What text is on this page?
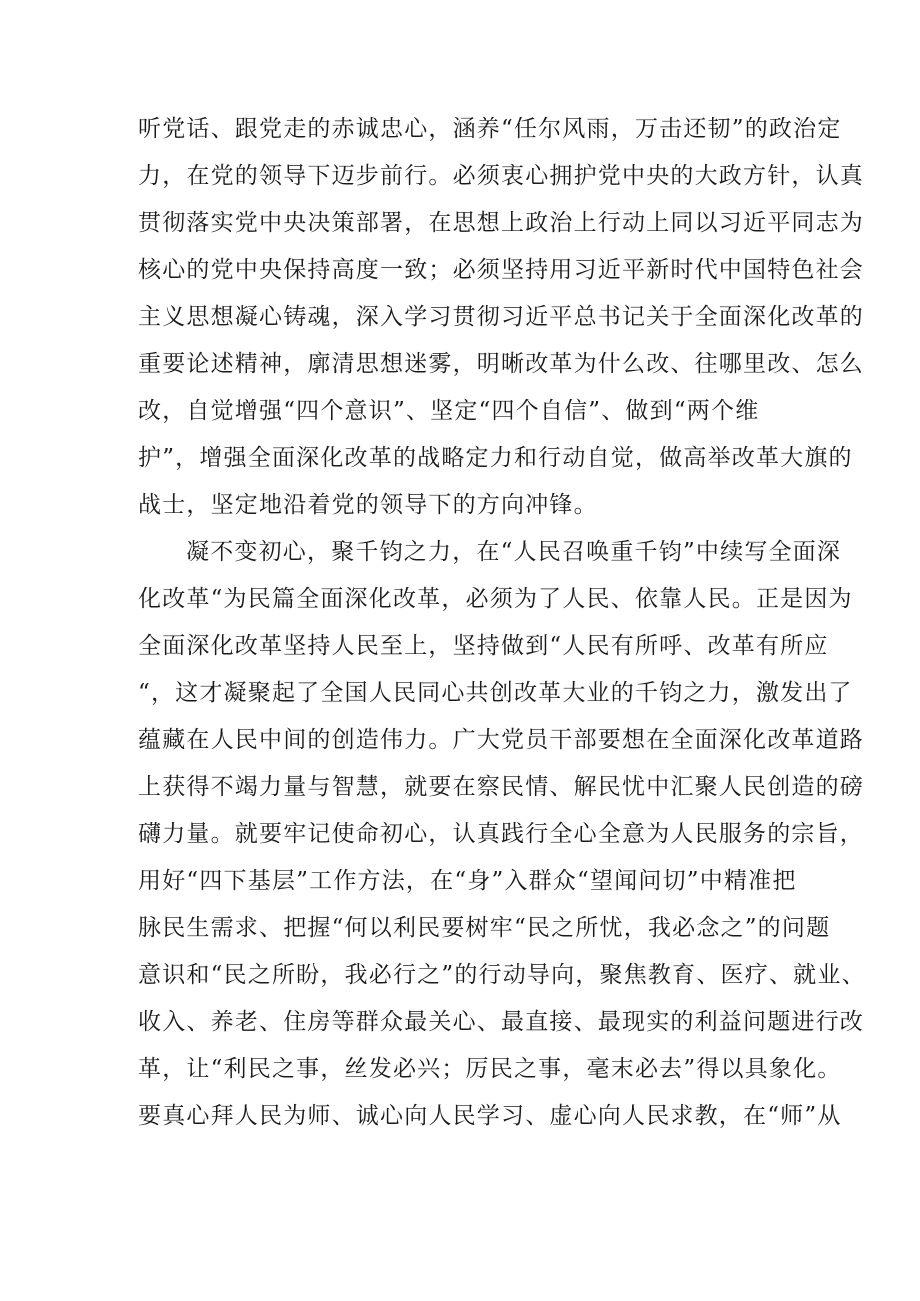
听党话、跟党走的赤诚忠心，涵养“任尔风雨，万击还韧”的政治定
力，在党的领导下迈步前行。必须衷心拥护党中央的大政方针，认真
贯彻落实党中央决策部署，在思想上政治上行动上同以习近平同志为
核心的党中央保持高度一致；必须坚持用习近平新时代中国特色社会
主义思想凝心铸魂，深入学习贯彻习近平总书记关于全面深化改革的
重要论述精神，廓清思想迷雾，明晰改革为什么改、往哪里改、怎么
改，自觉增强“四个意识”、坚定“四个自信”、做到“两个维
护”，增强全面深化改革的战略定力和行动自觉，做高举改革大旗的
战士，坚定地沿着党的领导下的方向冲锋。
凝不变初心，聚千钧之力，在“人民召唤重千钧”中续写全面深
化改革“为民篇全面深化改革，必须为了人民、依靠人民。正是因为
全面深化改革坚持人民至上，坚持做到“人民有所呼、改革有所应
“，这才凝聚起了全国人民同心共创改革大业的千钧之力，激发出了
蕴藏在人民中间的创造伟力。广大党员干部要想在全面深化改革道路
上获得不竭力量与智慧，就要在察民情、解民忧中汇聚人民创造的磅
礴力量。就要牢记使命初心，认真践行全心全意为人民服务的宗旨，
用好“四下基层”工作方法，在“身”入群众“望闻问切”中精准把
脉民生需求、把握“何以利民要树牢“民之所忧，我必念之”的问题
意识和“民之所盼，我必行之”的行动导向，聚焦教育、医疗、就业、
收入、养老、住房等群众最关心、最直接、最现实的利益问题进行改
革，让“利民之事，丝发必兴；厉民之事，毫末必去”得以具象化。
要真心拜人民为师、诚心向人民学习、虚心向人民求教，在“师”从
